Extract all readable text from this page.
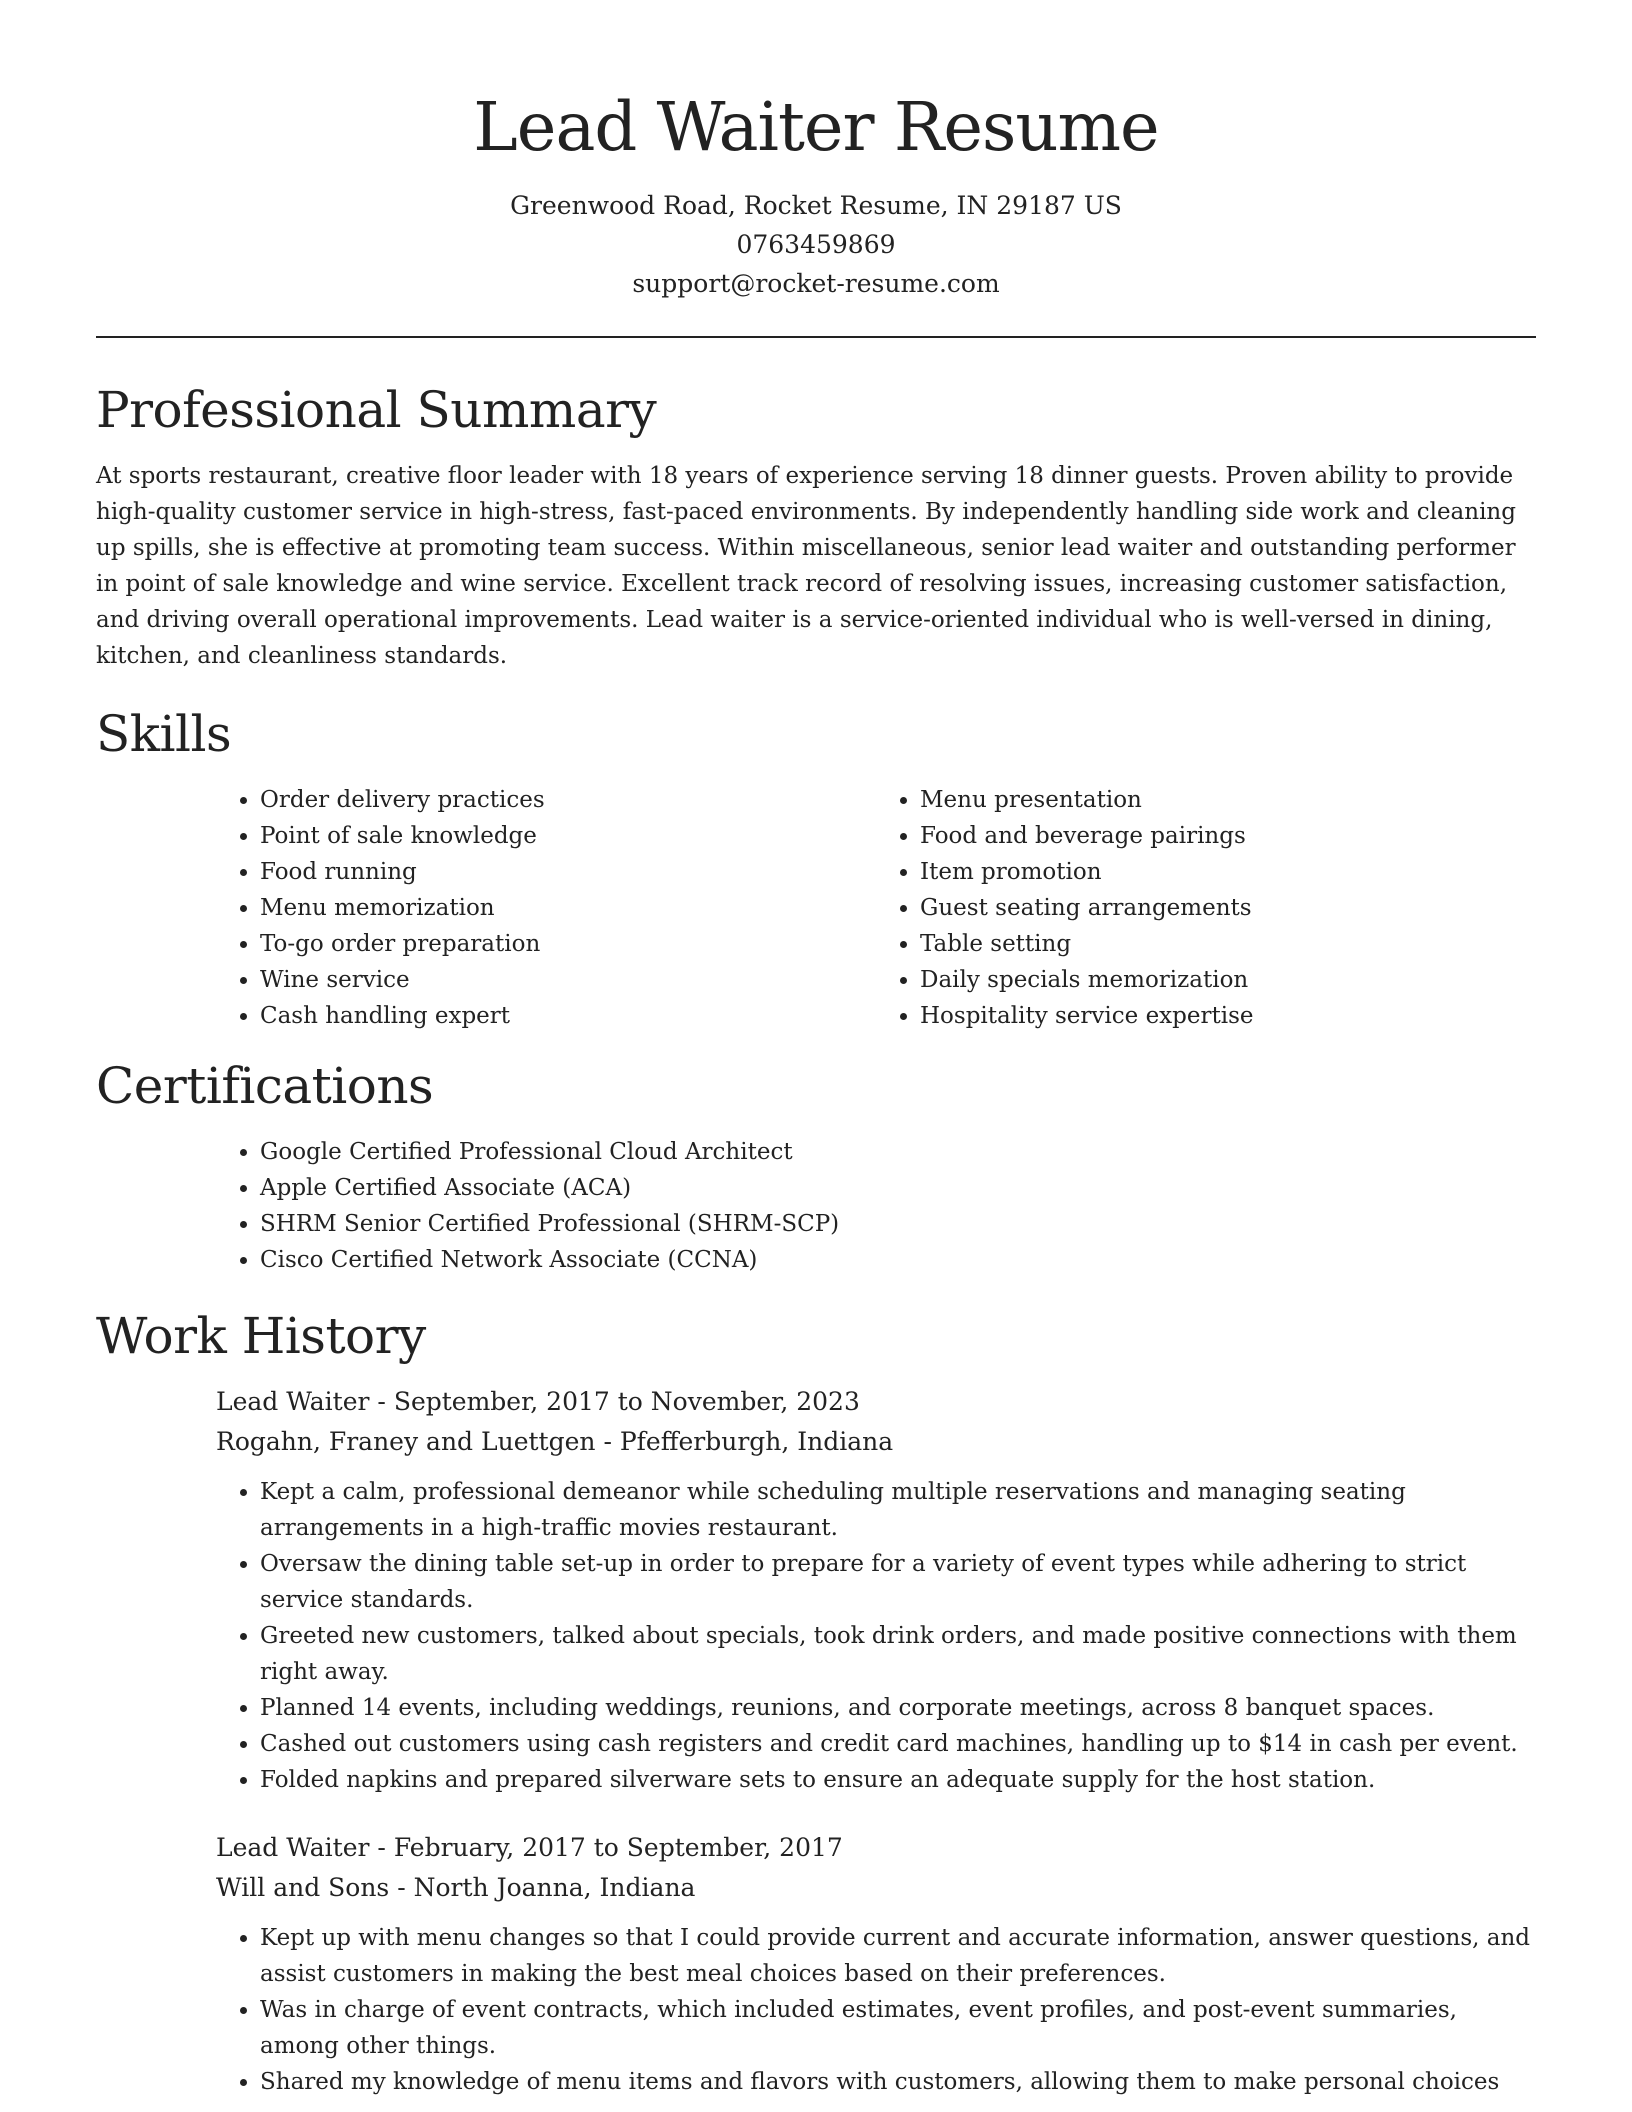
Lead Waiter Resume
Greenwood Road, Rocket Resume, IN 29187 US
0763459869
support@rocket-resume.com
Professional Summary

At sports restaurant, creative floor leader with 18 years of experience serving 18 dinner guests. Proven ability to provide high-quality customer service in high-stress, fast-paced environments. By independently handling side work and cleaning up spills, she is effective at promoting team success. Within miscellaneous, senior lead waiter and outstanding performer in point of sale knowledge and wine service. Excellent track record of resolving issues, increasing customer satisfaction, and driving overall operational improvements. Lead waiter is a service-oriented individual who is well-versed in dining, kitchen, and cleanliness standards.

Skills
• Order delivery practices
• Point of sale knowledge
• Food running
• Menu memorization
• To-go order preparation
• Wine service
• Cash handling expert
• Menu presentation
• Food and beverage pairings
• Item promotion
• Guest seating arrangements
• Table setting
• Daily specials memorization
• Hospitality service expertise
Certifications
• Google Certified Professional Cloud Architect
• Apple Certified Associate (ACA)
• SHRM Senior Certified Professional (SHRM-SCP)
• Cisco Certified Network Associate (CCNA)
Work History
Lead Waiter - September, 2017 to November, 2023
Rogahn, Franey and Luettgen - Pfefferburgh, Indiana
• Kept a calm, professional demeanor while scheduling multiple reservations and managing seating arrangements in a high-traffic movies restaurant.
• Oversaw the dining table set-up in order to prepare for a variety of event types while adhering to strict service standards.
• Greeted new customers, talked about specials, took drink orders, and made positive connections with them right away.
• Planned 14 events, including weddings, reunions, and corporate meetings, across 8 banquet spaces.
• Cashed out customers using cash registers and credit card machines, handling up to $14 in cash per event.
• Folded napkins and prepared silverware sets to ensure an adequate supply for the host station.
Lead Waiter - February, 2017 to September, 2017
Will and Sons - North Joanna, Indiana
• Kept up with menu changes so that I could provide current and accurate information, answer questions, and assist customers in making the best meal choices based on their preferences.
• Was in charge of event contracts, which included estimates, event profiles, and post-event summaries, among other things.
• Shared my knowledge of menu items and flavors with customers, allowing them to make personal choices
